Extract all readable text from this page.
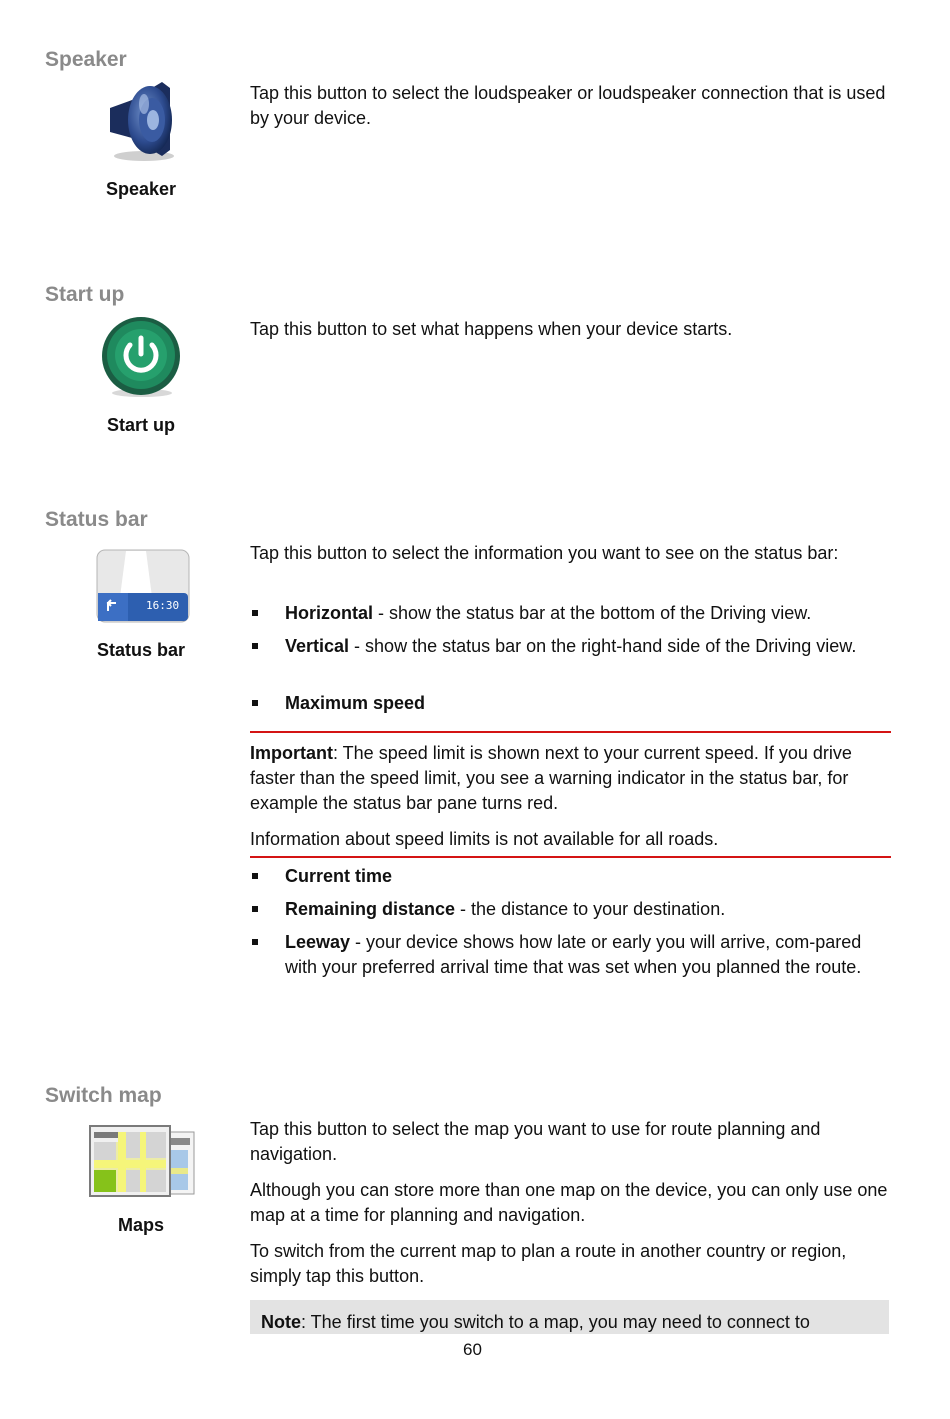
Speaker
Speaker

Tap this button to select the loudspeaker or loudspeaker connection that is used by your device.

Start up
Start up

Tap this button to set what happens when your device starts.

Status bar
16:30
Status bar

Tap this button to select the information you want to see on the status bar:

Horizontal - show the status bar at the bottom of the Driving view.
Vertical - show the status bar on the right-hand side of the Driving view.
Maximum speed

Important: The speed limit is shown next to your current speed. If you drive faster than the speed limit, you see a warning indicator in the status bar, for example the status bar pane turns red.

Information about speed limits is not available for all roads.

Current time
Remaining distance - the distance to your destination.
Leeway - your device shows how late or early you will arrive, com-pared with your preferred arrival time that was set when you planned the route.
Switch map
Maps

Tap this button to select the map you want to use for route planning and navigation.

Although you can store more than one map on the device, you can only use one map at a time for planning and navigation.

To switch from the current map to plan a route in another country or region, simply tap this button.

Note: The first time you switch to a map, you may need to connect to
60
